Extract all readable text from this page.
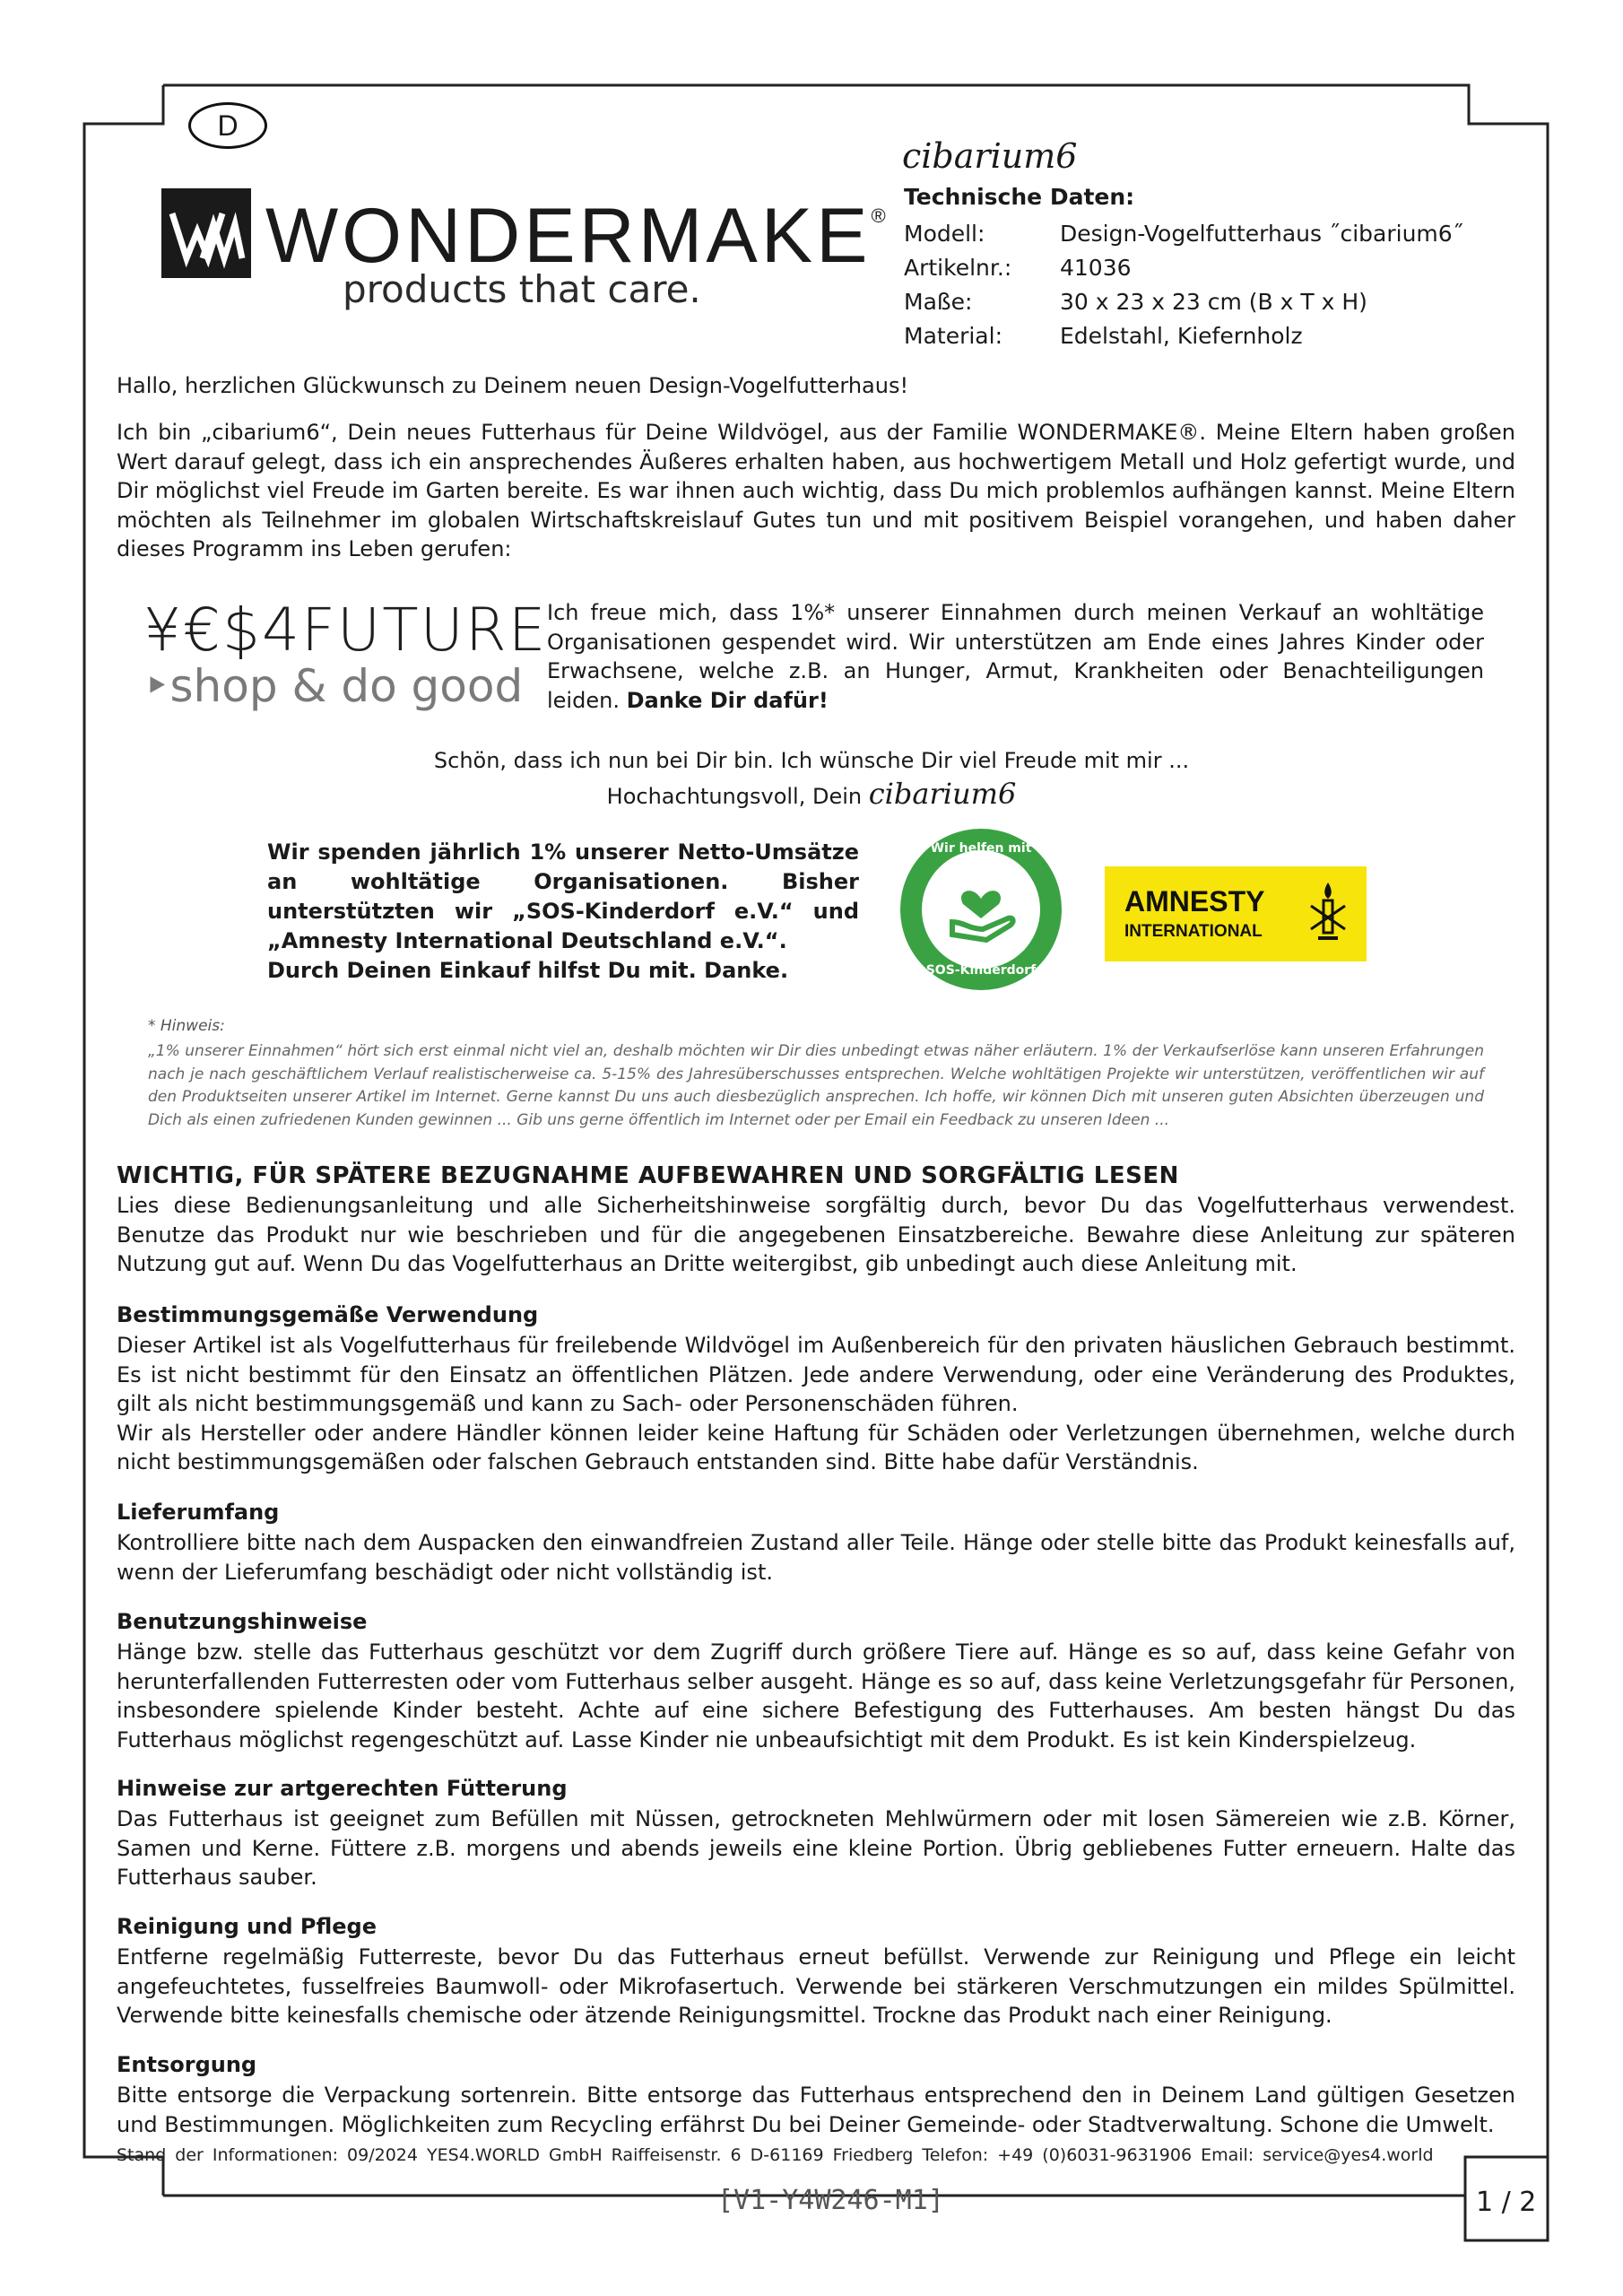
D
WONDERMAKE®
products that care.
cibarium6
Technische Daten:
Modell:	Design-Vogelfutterhaus ˝cibarium6˝
Artikelnr.: 41036
Maße:	30 x 23 x 23 cm (B x T x H)
Material:	Edelstahl, Kiefernholz
Hallo, herzlichen Glückwunsch zu Deinem neuen Design-Vogelfutterhaus!
Ich bin „cibarium6“, Dein neues Futterhaus für Deine Wildvögel, aus der Familie WONDERMAKE®. Meine Eltern haben großen Wert darauf gelegt, dass ich ein ansprechendes Äußeres erhalten haben, aus hochwertigem Metall und Holz gefertigt wurde, und Dir möglichst viel Freude im Garten bereite. Es war ihnen auch wichtig, dass Du mich problemlos aufhängen kannst. Meine Eltern möchten als Teilnehmer im globalen Wirtschaftskreislauf Gutes tun und mit positivem Beispiel vorangehen, und haben daher dieses Programm ins Leben gerufen:
¥€$4FUTURE
‣shop & do good
Ich freue mich, dass 1%* unserer Einnahmen durch meinen Verkauf an wohltätige Organisationen gespendet wird. Wir unterstützen am Ende eines Jahres Kinder oder Erwachsene, welche z.B. an Hunger, Armut, Krankheiten oder Benachteiligungen leiden. Danke Dir dafür!
Schön, dass ich nun bei Dir bin. Ich wünsche Dir viel Freude mit mir ...
Hochachtungsvoll, Dein cibarium6
Wir spenden jährlich 1% unserer Netto-Umsätze an wohltätige Organisationen. Bisher unterstützten wir „SOS-Kinderdorf e.V.“ und „Amnesty International Deutschland e.V.“.
Durch Deinen Einkauf hilfst Du mit. Danke.
Wir helfen mit
SOS-Kinderdorf
AMNESTY
INTERNATIONAL
* Hinweis:
„1% unserer Einnahmen“ hört sich erst einmal nicht viel an, deshalb möchten wir Dir dies unbedingt etwas näher erläutern. 1% der Verkaufserlöse kann unseren Erfahrungen nach je nach geschäftlichem Verlauf realistischerweise ca. 5-15% des Jahresüberschusses entsprechen. Welche wohltätigen Projekte wir unterstützen, veröffentlichen wir auf den Produktseiten unserer Artikel im Internet. Gerne kannst Du uns auch diesbezüglich ansprechen. Ich hoffe, wir können Dich mit unseren guten Absichten überzeugen und Dich als einen zufriedenen Kunden gewinnen ... Gib uns gerne öffentlich im Internet oder per Email ein Feedback zu unseren Ideen ...
WICHTIG, FÜR SPÄTERE BEZUGNAHME AUFBEWAHREN UND SORGFÄLTIG LESEN
Lies diese Bedienungsanleitung und alle Sicherheitshinweise sorgfältig durch, bevor Du das Vogelfutterhaus verwendest. Benutze das Produkt nur wie beschrieben und für die angegebenen Einsatzbereiche. Bewahre diese Anleitung zur späteren Nutzung gut auf. Wenn Du das Vogelfutterhaus an Dritte weitergibst, gib unbedingt auch diese Anleitung mit.
Bestimmungsgemäße Verwendung
Dieser Artikel ist als Vogelfutterhaus für freilebende Wildvögel im Außenbereich für den privaten häuslichen Gebrauch bestimmt. Es ist nicht bestimmt für den Einsatz an öffentlichen Plätzen. Jede andere Verwendung, oder eine Veränderung des Produktes, gilt als nicht bestimmungsgemäß und kann zu Sach- oder Personenschäden führen.
Wir als Hersteller oder andere Händler können leider keine Haftung für Schäden oder Verletzungen übernehmen, welche durch nicht bestimmungsgemäßen oder falschen Gebrauch entstanden sind. Bitte habe dafür Verständnis.
Lieferumfang
Kontrolliere bitte nach dem Auspacken den einwandfreien Zustand aller Teile. Hänge oder stelle bitte das Produkt keinesfalls auf, wenn der Lieferumfang beschädigt oder nicht vollständig ist.
Benutzungshinweise
Hänge bzw. stelle das Futterhaus geschützt vor dem Zugriff durch größere Tiere auf. Hänge es so auf, dass keine Gefahr von herunterfallenden Futterresten oder vom Futterhaus selber ausgeht. Hänge es so auf, dass keine Verletzungsgefahr für Personen, insbesondere spielende Kinder besteht. Achte auf eine sichere Befestigung des Futterhauses. Am besten hängst Du das Futterhaus möglichst regengeschützt auf. Lasse Kinder nie unbeaufsichtigt mit dem Produkt. Es ist kein Kinderspielzeug.
Hinweise zur artgerechten Fütterung
Das Futterhaus ist geeignet zum Befüllen mit Nüssen, getrockneten Mehlwürmern oder mit losen Sämereien wie z.B. Körner, Samen und Kerne. Füttere z.B. morgens und abends jeweils eine kleine Portion. Übrig gebliebenes Futter erneuern. Halte das Futterhaus sauber.
Reinigung und Pflege
Entferne regelmäßig Futterreste, bevor Du das Futterhaus erneut befüllst. Verwende zur Reinigung und Pflege ein leicht angefeuchtetes, fusselfreies Baumwoll- oder Mikrofasertuch. Verwende bei stärkeren Verschmutzungen ein mildes Spülmittel. Verwende bitte keinesfalls chemische oder ätzende Reinigungsmittel. Trockne das Produkt nach einer Reinigung.
Entsorgung
Bitte entsorge die Verpackung sortenrein. Bitte entsorge das Futterhaus entsprechend den in Deinem Land gültigen Gesetzen und Bestimmungen. Möglichkeiten zum Recycling erfährst Du bei Deiner Gemeinde- oder Stadtverwaltung. Schone die Umwelt.
Stand der Informationen: 09/2024 YES4.WORLD GmbH Raiffeisenstr. 6 D-61169 Friedberg Telefon: +49 (0)6031-9631906 Email: service@yes4.world
[V1-Y4W246-M1]	1 / 2
